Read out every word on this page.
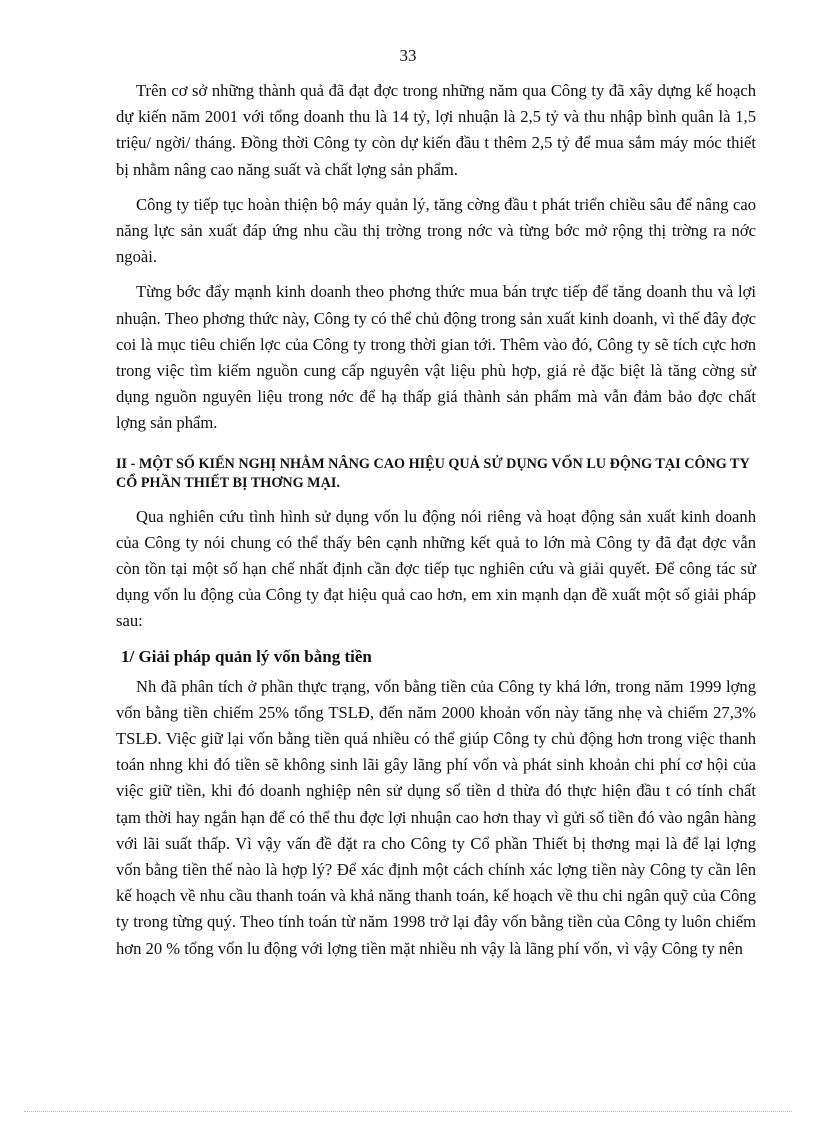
33

Trên cơ sở những thành quả đã đạt đợc trong những năm qua Công ty đã xây dựng kế hoạch dự kiến năm 2001 với tổng doanh thu là 14 tỷ, lợi nhuận là 2,5 tỷ và thu nhập bình quân là 1,5 triệu/ ngời/ tháng. Đồng thời Công ty còn dự kiến đầu t thêm 2,5 tỷ để mua sắm máy móc thiết bị nhằm nâng cao năng suất và chất lợng sản phẩm.

Công ty tiếp tục hoàn thiện bộ máy quản lý, tăng cờng đầu t phát triển chiều sâu để nâng cao năng lực sản xuất đáp ứng nhu cầu thị trờng trong nớc và từng bớc mở rộng thị trờng ra nớc ngoài.

Từng bớc đẩy mạnh kinh doanh theo phơng thức mua bán trực tiếp để tăng doanh thu và lợi nhuận. Theo phơng thức này, Công ty có thể chủ động trong sản xuất kinh doanh, vì thế đây đợc coi là mục tiêu chiến lợc của Công ty trong thời gian tới. Thêm vào đó, Công ty sẽ tích cực hơn trong việc tìm kiếm nguồn cung cấp nguyên vật liệu phù hợp, giá rẻ đặc biệt là tăng cờng sử dụng nguồn nguyên liệu trong nớc để hạ thấp giá thành sản phẩm mà vẫn đảm bảo đợc chất lợng sản phẩm.

II - MỘT SỐ KIẾN NGHỊ NHẰM NÂNG CAO HIỆU QUẢ SỬ DỤNG VỐN LU ĐỘNG TẠI CÔNG TY CỔ PHẦN THIẾT BỊ THƠNG MẠI.

Qua nghiên cứu tình hình sử dụng vốn lu động nói riêng và hoạt động sản xuất kinh doanh của Công ty nói chung có thể thấy bên cạnh những kết quả to lớn mà Công ty đã đạt đợc vẫn còn tồn tại một số hạn chế nhất định cần đợc tiếp tục nghiên cứu và giải quyết. Để công tác sử dụng vốn lu động của Công ty đạt hiệu quả cao hơn, em xin mạnh dạn đề xuất một số giải pháp sau:

1/ Giải pháp quản lý vốn bằng tiền

Nh đã phân tích ở phần thực trạng, vốn bằng tiền của Công ty khá lớn, trong năm 1999 lợng vốn bằng tiền chiếm 25% tổng TSLĐ, đến năm 2000 khoản vốn này tăng nhẹ và chiếm 27,3% TSLĐ. Việc giữ lại vốn bằng tiền quá nhiều có thể giúp Công ty chủ động hơn trong việc thanh toán nhng khi đó tiền sẽ không sinh lãi gây lãng phí vốn và phát sinh khoản chi phí cơ hội của việc giữ tiền, khi đó doanh nghiệp nên sử dụng số tiền d thừa đó thực hiện đầu t có tính chất tạm thời hay ngắn hạn để có thể thu đợc lợi nhuận cao hơn thay vì gửi số tiền đó vào ngân hàng với lãi suất thấp. Vì vậy vấn đề đặt ra cho Công ty Cổ phần Thiết bị thơng mại là để lại lợng vốn bằng tiền thế nào là hợp lý? Để xác định một cách chính xác lợng tiền này Công ty cần lên kế hoạch về nhu cầu thanh toán và khả năng thanh toán, kế hoạch về thu chi ngân quỹ của Công ty trong từng quý. Theo tính toán từ năm 1998 trở lại đây vốn bằng tiền của Công ty luôn chiếm hơn 20 % tổng vốn lu động với lợng tiền mặt nhiều nh vậy là lãng phí vốn, vì vậy Công ty nên
